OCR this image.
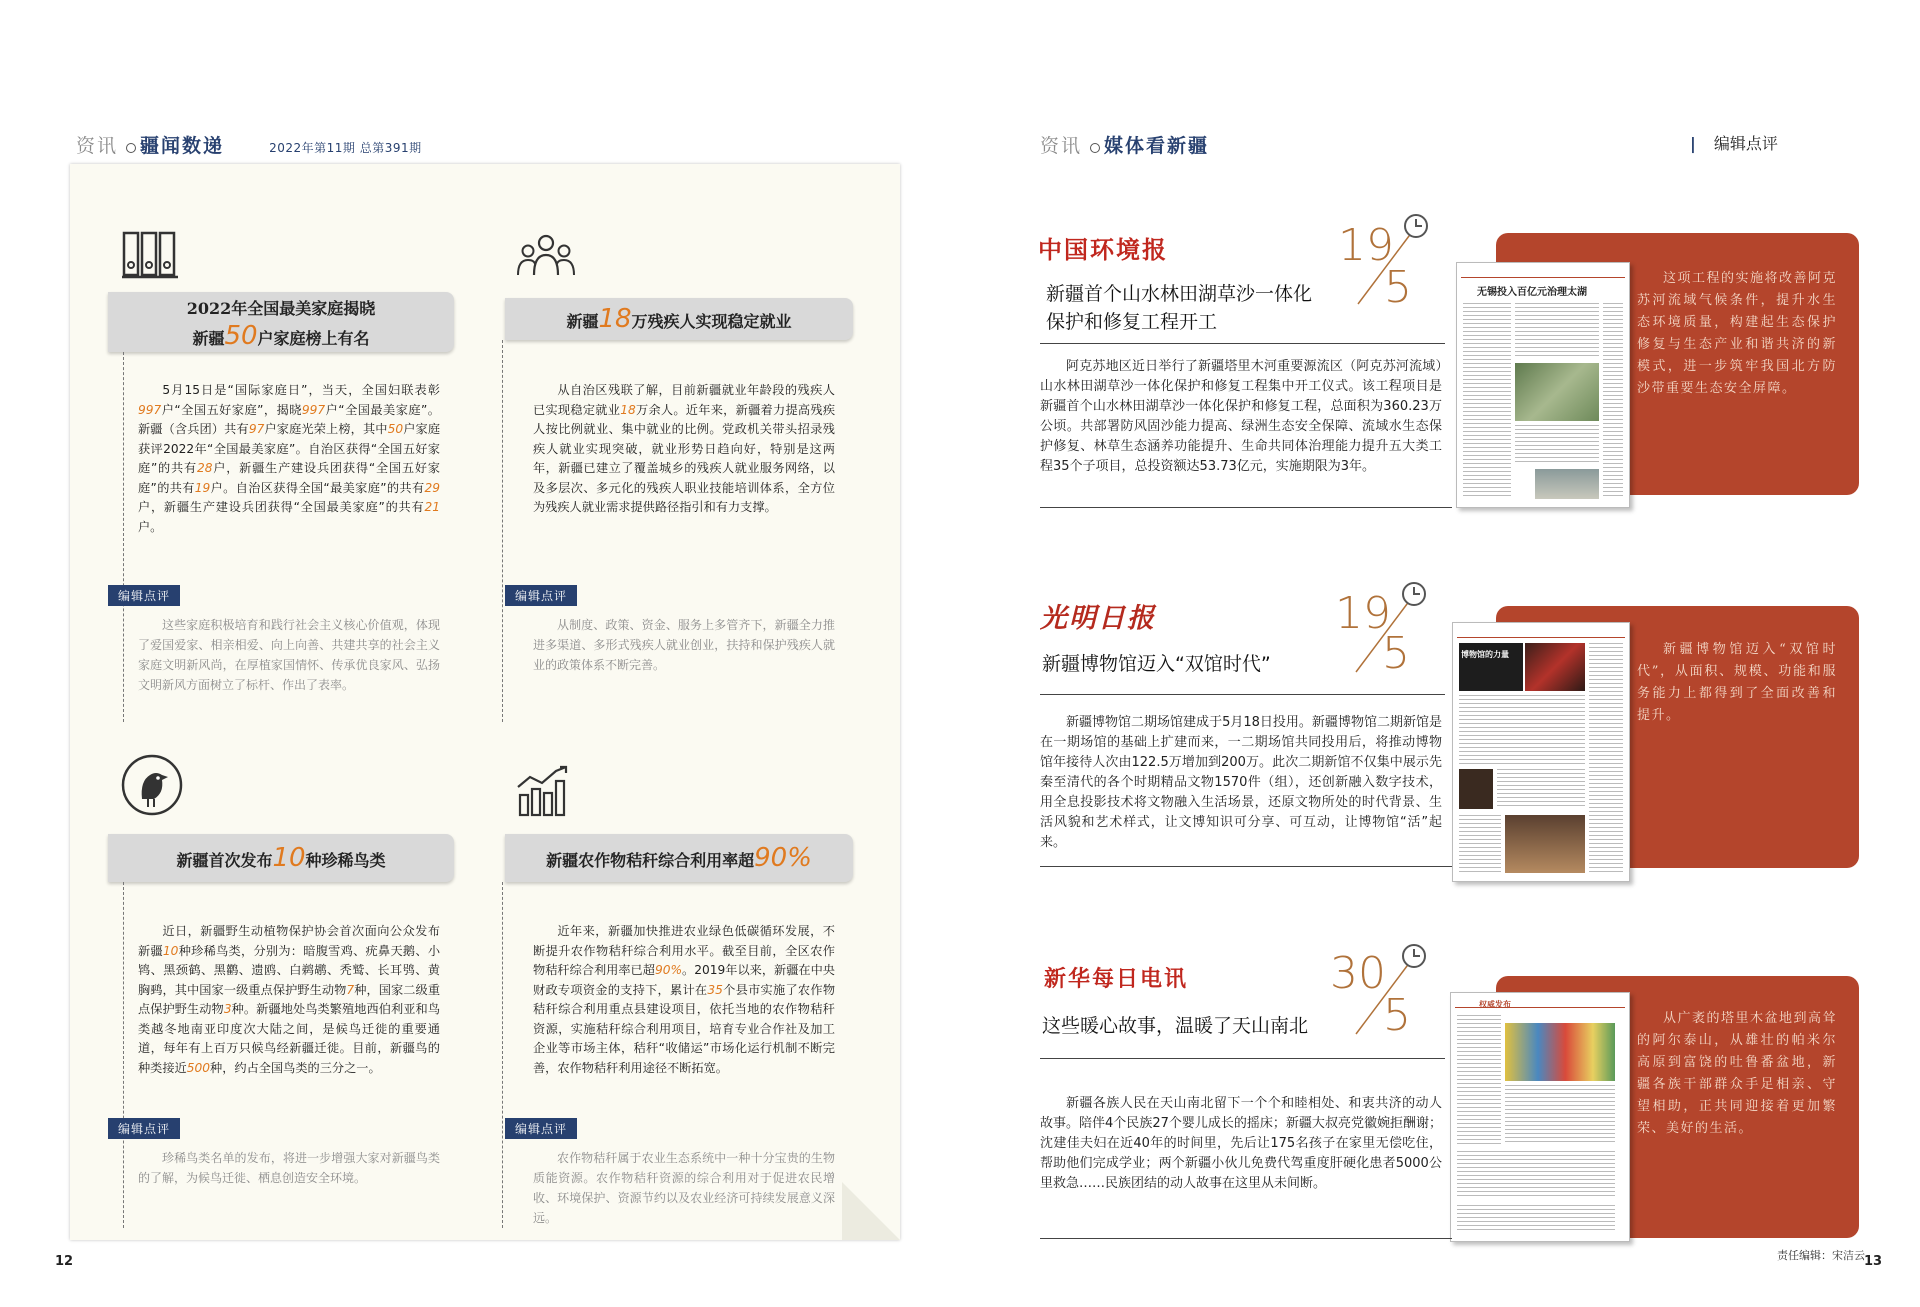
资讯 疆闻数递	2022年第11期 总第391期	资讯 媒体看新疆	| 编辑点评
2022年全国最美家庭揭晓
新疆50户家庭榜上有名
5月15日是“国际家庭日”，当天，全国妇联表彰997户“全国五好家庭”，揭晓997户“全国最美家庭”。新疆（含兵团）共有97户家庭光荣上榜，其中50户家庭获评2022年“全国最美家庭”。自治区获得“全国五好家庭”的共有28户，新疆生产建设兵团获得“全国五好家庭”的共有19户。自治区获得全国“最美家庭”的共有29户，新疆生产建设兵团获得“全国最美家庭”的共有21户。
编辑点评
这些家庭积极培育和践行社会主义核心价值观，体现了爱国爱家、相亲相爱、向上向善、共建共享的社会主义家庭文明新风尚，在厚植家国情怀、传承优良家风、弘扬文明新风方面树立了标杆、作出了表率。
新疆18万残疾人实现稳定就业
从自治区残联了解，目前新疆就业年龄段的残疾人已实现稳定就业18万余人。近年来，新疆着力提高残疾人按比例就业、集中就业的比例。党政机关带头招录残疾人就业实现突破，就业形势日趋向好，特别是这两年，新疆已建立了覆盖城乡的残疾人就业服务网络，以及多层次、多元化的残疾人职业技能培训体系，全方位为残疾人就业需求提供路径指引和有力支撑。
编辑点评
从制度、政策、资金、服务上多管齐下，新疆全力推进多渠道、多形式残疾人就业创业，扶持和保护残疾人就业的政策体系不断完善。
新疆首次发布10种珍稀鸟类
近日，新疆野生动植物保护协会首次面向公众发布新疆10种珍稀鸟类，分别为：暗腹雪鸡、疣鼻天鹅、小鸨、黑颈鹤、黑鹳、遗鸥、白鹈鹕、秃鹫、长耳鸮、黄胸鹀，其中国家一级重点保护野生动物7种，国家二级重点保护野生动物3种。新疆地处鸟类繁殖地西伯利亚和鸟类越冬地南亚印度次大陆之间，是候鸟迁徙的重要通道，每年有上百万只候鸟经新疆迁徙。目前，新疆鸟的种类接近500种，约占全国鸟类的三分之一。
编辑点评
珍稀鸟类名单的发布，将进一步增强大家对新疆鸟类的了解，为候鸟迁徙、栖息创造安全环境。
新疆农作物秸秆综合利用率超90%
近年来，新疆加快推进农业绿色低碳循环发展，不断提升农作物秸秆综合利用水平。截至目前，全区农作物秸秆综合利用率已超90%。2019年以来，新疆在中央财政专项资金的支持下，累计在35个县市实施了农作物秸秆综合利用重点县建设项目，依托当地的农作物秸秆资源，实施秸秆综合利用项目，培育专业合作社及加工企业等市场主体，秸秆“收储运”市场化运行机制不断完善，农作物秸秆利用途径不断拓宽。
编辑点评
农作物秸秆属于农业生态系统中一种十分宝贵的生物质能资源。农作物秸秆资源的综合利用对于促进农民增收、环境保护、资源节约以及农业经济可持续发展意义深远。
12
这项工程的实施将改善阿克苏河流域气候条件，提升水生态环境质量，构建起生态保护修复与生态产业和谐共济的新模式，进一步筑牢我国北方防沙带重要生态安全屏障。
无锡投入百亿元治理太湖
中国环境报	19
5
新疆首个山水林田湖草沙一体化
保护和修复工程开工
阿克苏地区近日举行了新疆塔里木河重要源流区（阿克苏河流域）山水林田湖草沙一体化保护和修复工程集中开工仪式。该工程项目是新疆首个山水林田湖草沙一体化保护和修复工程，总面积为360.23万公顷。共部署防风固沙能力提高、绿洲生态安全保障、流域水生态保护修复、林草生态涵养功能提升、生命共同体治理能力提升五大类工程35个子项目，总投资额达53.73亿元，实施期限为3年。
新疆博物馆迈入“双馆时代”，从面积、规模、功能和服务能力上都得到了全面改善和提升。
博物馆的力量
光明日报	19
5
新疆博物馆迈入“双馆时代”
新疆博物馆二期场馆建成于5月18日投用。新疆博物馆二期新馆是在一期场馆的基础上扩建而来，一二期场馆共同投用后，将推动博物馆年接待人次由122.5万增加到200万。此次二期新馆不仅集中展示先秦至清代的各个时期精品文物1570件（组），还创新融入数字技术，用全息投影技术将文物融入生活场景，还原文物所处的时代背景、生活风貌和艺术样式，让文博知识可分享、可互动，让博物馆“活”起来。
从广袤的塔里木盆地到高耸的阿尔泰山，从雄壮的帕米尔高原到富饶的吐鲁番盆地，新疆各族干部群众手足相亲、守望相助，正共同迎接着更加繁荣、美好的生活。
权威发布
新华每日电讯	30
5
这些暖心故事，温暖了天山南北
新疆各族人民在天山南北留下一个个和睦相处、和衷共济的动人故事。陪伴4个民族27个婴儿成长的摇床；新疆大叔亮党徽婉拒酬谢；沈建佳夫妇在近40年的时间里，先后让175名孩子在家里无偿吃住，帮助他们完成学业；两个新疆小伙儿免费代驾重度肝硬化患者5000公里救急……民族团结的动人故事在这里从未间断。
责任编辑：宋洁云 13
